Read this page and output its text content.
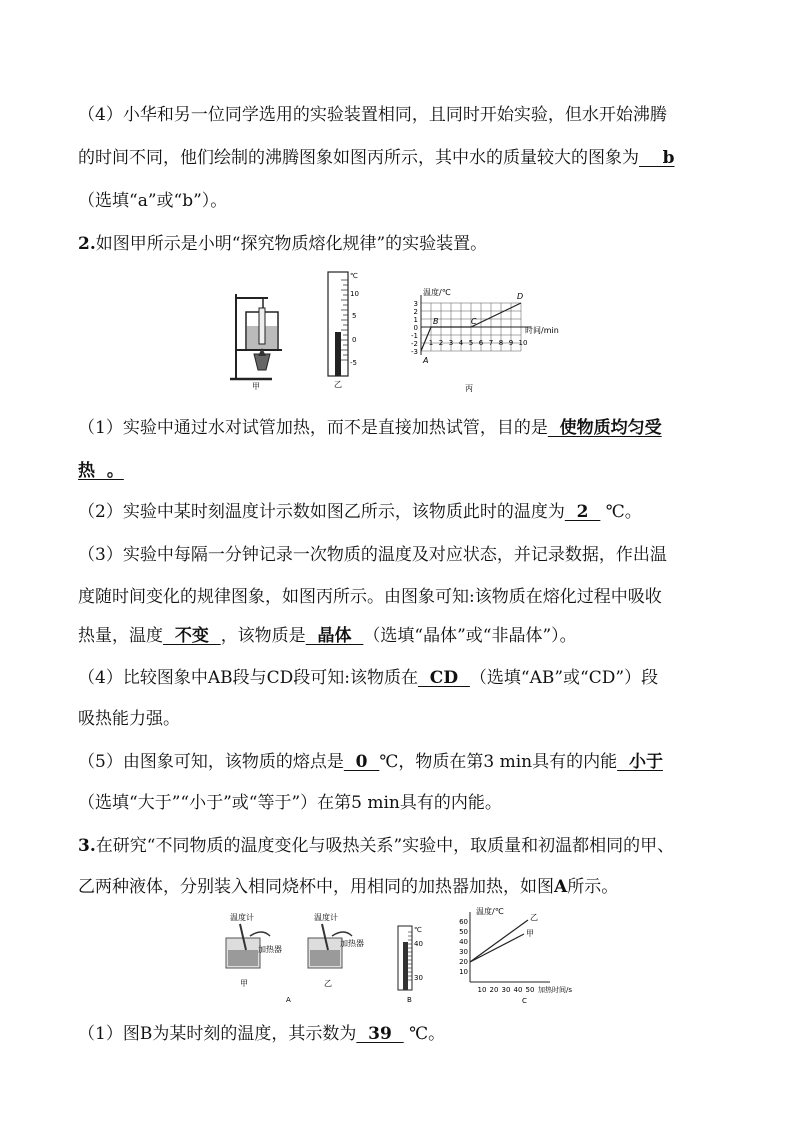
（4）小华和另一位同学选用的实验装置相同，且同时开始实验，但水开始沸腾
的时间不同，他们绘制的沸腾图象如图丙所示，其中水的质量较大的图象为    b
（选填“a”或“b”）。
2.如图甲所示是小明“探究物质熔化规律”的实验装置。
甲
℃
10
5
0
-5
乙
温度/℃
时间/min
3
2
1
0
-1
-2
-3
1 2 3 4 5 6 7 8 9 10
A
B	C
D
丙
（1）实验中通过水对试管加热，而不是直接加热试管，目的是  使物质均匀受
热  。
（2）实验中某时刻温度计示数如图乙所示，该物质此时的温度为  2   ℃。
（3）实验中每隔一分钟记录一次物质的温度及对应状态，并记录数据，作出温
度随时间变化的规律图象，如图丙所示。由图象可知:该物质在熔化过程中吸收
热量，温度  不变  ，该物质是  晶体  （选填“晶体”或“非晶体”）。
（4）比较图象中AB段与CD段可知:该物质在  CD  （选填“AB”或“CD”）段
吸热能力强。
（5）由图象可知，该物质的熔点是  0  ℃，物质在第3 min具有的内能  小于
（选填“大于”“小于”或“等于”）在第5 min具有的内能。
3.在研究“不同物质的温度变化与吸热关系”实验中，取质量和初温都相同的甲、
乙两种液体，分别装入相同烧杯中，用相同的加热器加热，如图A所示。
温度计	温度计
加热器
加热器
甲	乙
A
℃
40
30
B
温度/℃
乙
甲
60
50
40
30
20
10
10 20 30 40 50 加热时间/s
C
（1）图B为某时刻的温度，其示数为  39   ℃。
